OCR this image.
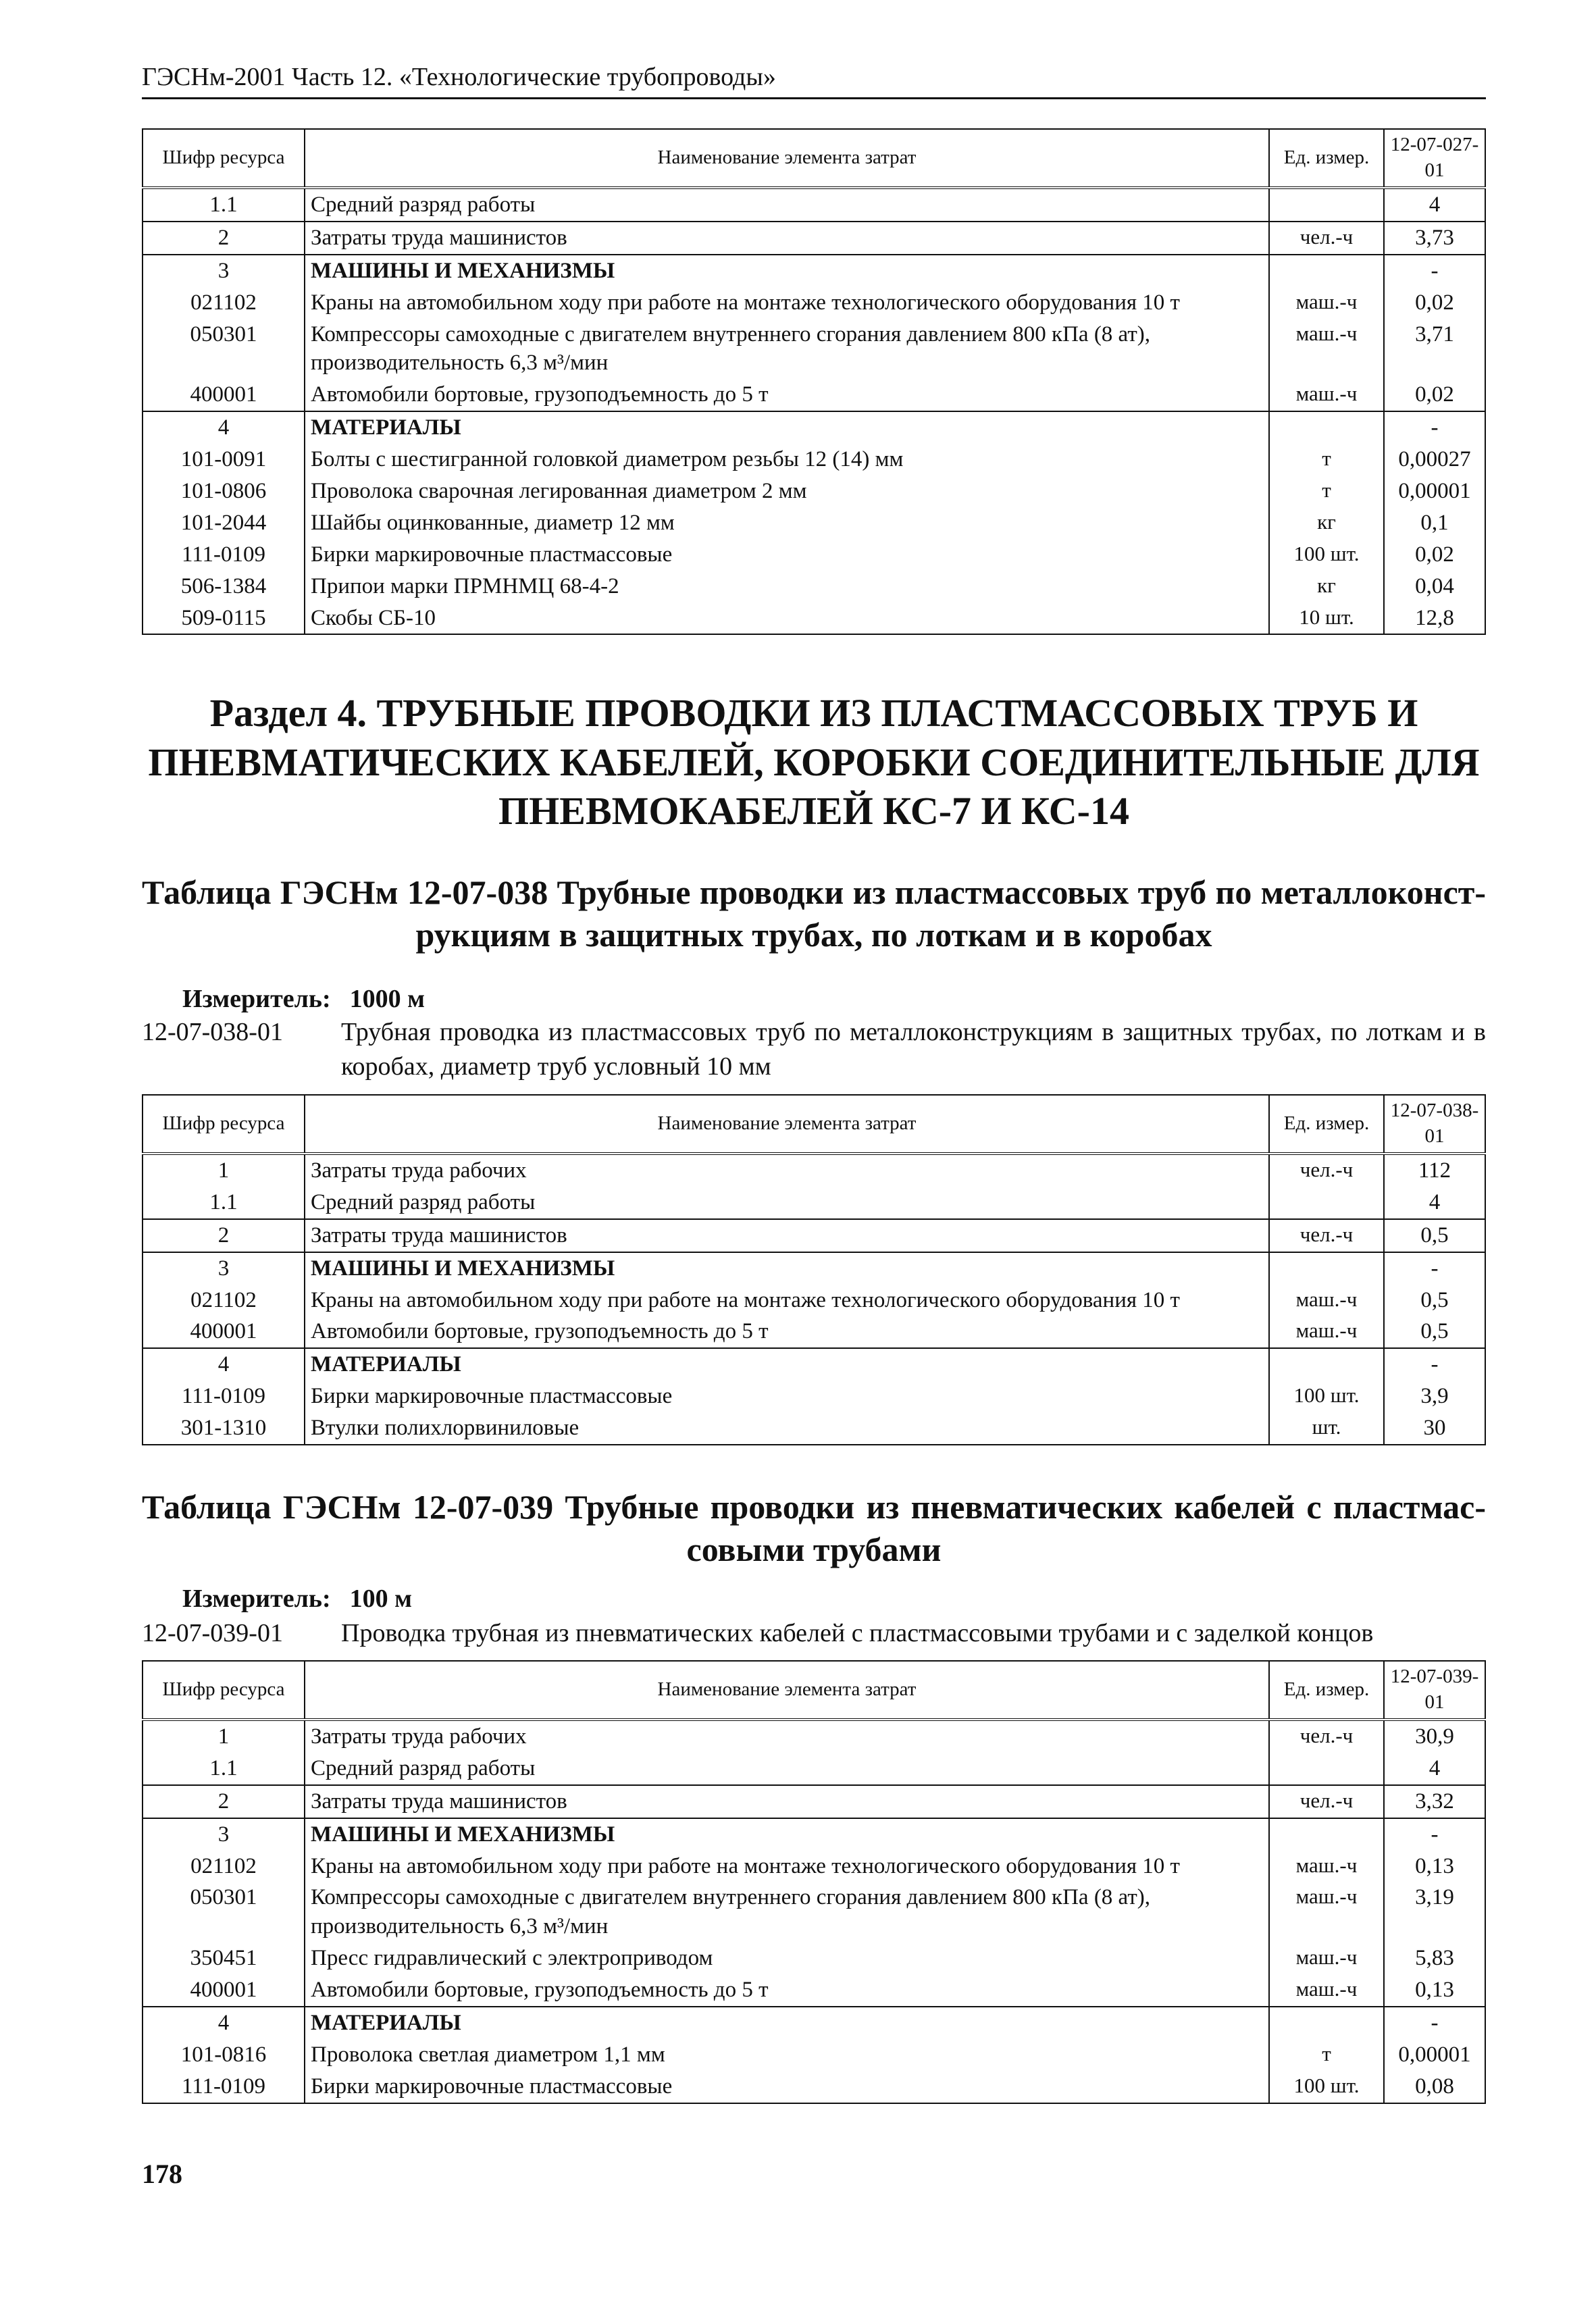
ГЭСНм-2001 Часть 12. «Технологические трубопроводы»
Шифр ресурса	Наименование элемента затрат	Ед. измер.	12-07-027-01
1.1	Средний разряд работы		4
2	Затраты труда машинистов	чел.-ч	3,73
3	МАШИНЫ И МЕХАНИЗМЫ		-
021102	Краны на автомобильном ходу при работе на монтаже технологического оборудования 10 т	маш.-ч	0,02
050301	Компрессоры самоходные с двигателем внутреннего сгорания давлением 800 кПа (8 ат), производительность 6,3 м³/мин	маш.-ч	3,71
400001	Автомобили бортовые, грузоподъемность до 5 т	маш.-ч	0,02
4	МАТЕРИАЛЫ		-
101-0091	Болты с шестигранной головкой диаметром резьбы 12 (14) мм	т	0,00027
101-0806	Проволока сварочная легированная диаметром 2 мм	т	0,00001
101-2044	Шайбы оцинкованные, диаметр 12 мм	кг	0,1
111-0109	Бирки маркировочные пластмассовые	100 шт.	0,02
506-1384	Припои марки ПРМНМЦ 68-4-2	кг	0,04
509-0115	Скобы СБ-10	10 шт.	12,8
Раздел 4. ТРУБНЫЕ ПРОВОДКИ ИЗ ПЛАСТМАССОВЫХ ТРУБ И ПНЕВМАТИЧЕСКИХ КАБЕЛЕЙ, КОРОБКИ СОЕДИНИТЕЛЬНЫЕ ДЛЯ ПНЕВМОКАБЕЛЕЙ КС-7 И КС-14
Таблица ГЭСНм 12-07-038 Трубные проводки из пластмассовых труб по металлоконст-
рукциям в защитных трубах, по лоткам и в коробах
Измеритель: 1000 м
12-07-038-01 Трубная проводка из пластмассовых труб по металлоконструкциям в защитных трубах, по лоткам и в коробах, диаметр труб условный 10 мм
Шифр ресурса	Наименование элемента затрат	Ед. измер.	12-07-038-01
1	Затраты труда рабочих	чел.-ч	112
1.1	Средний разряд работы		4
2	Затраты труда машинистов	чел.-ч	0,5
3	МАШИНЫ И МЕХАНИЗМЫ		-
021102	Краны на автомобильном ходу при работе на монтаже технологического оборудования 10 т	маш.-ч	0,5
400001	Автомобили бортовые, грузоподъемность до 5 т	маш.-ч	0,5
4	МАТЕРИАЛЫ		-
111-0109	Бирки маркировочные пластмассовые	100 шт.	3,9
301-1310	Втулки полихлорвиниловые	шт.	30
Таблица ГЭСНм 12-07-039 Трубные проводки из пневматических кабелей с пластмас-
совыми трубами
Измеритель: 100 м
12-07-039-01 Проводка трубная из пневматических кабелей с пластмассовыми трубами и с заделкой концов
Шифр ресурса	Наименование элемента затрат	Ед. измер.	12-07-039-01
1	Затраты труда рабочих	чел.-ч	30,9
1.1	Средний разряд работы		4
2	Затраты труда машинистов	чел.-ч	3,32
3	МАШИНЫ И МЕХАНИЗМЫ		-
021102	Краны на автомобильном ходу при работе на монтаже технологического оборудования 10 т	маш.-ч	0,13
050301	Компрессоры самоходные с двигателем внутреннего сгорания давлением 800 кПа (8 ат), производительность 6,3 м³/мин	маш.-ч	3,19
350451	Пресс гидравлический с электроприводом	маш.-ч	5,83
400001	Автомобили бортовые, грузоподъемность до 5 т	маш.-ч	0,13
4	МАТЕРИАЛЫ		-
101-0816	Проволока светлая диаметром 1,1 мм	т	0,00001
111-0109	Бирки маркировочные пластмассовые	100 шт.	0,08
178
